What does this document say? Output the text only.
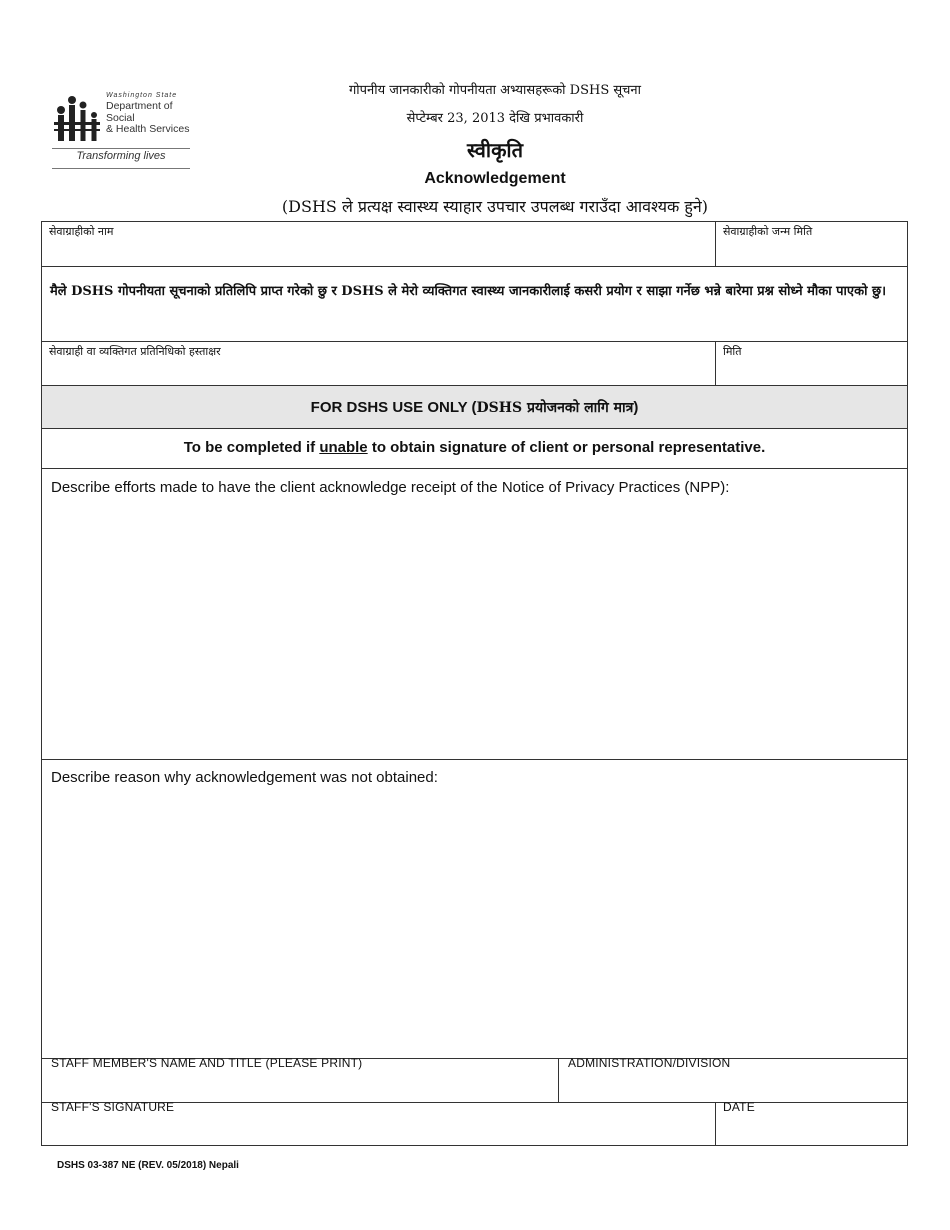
Washington State
Department of Social
& Health Services
Transforming lives
गोपनीय जानकारीको गोपनीयता अभ्यासहरूको DSHS सूचना
सेप्टेम्बर 23, 2013 देखि प्रभावकारी
स्वीकृति
Acknowledgement
(DSHS ले प्रत्यक्ष स्वास्थ्य स्याहार उपचार उपलब्ध गराउँदा आवश्यक हुने)
सेवाग्राहीको नाम	सेवाग्राहीको जन्म मिति
मैले DSHS गोपनीयता सूचनाको प्रतिलिपि प्राप्त गरेको छु र DSHS ले मेरो व्यक्तिगत स्वास्थ्य जानकारीलाई कसरी प्रयोग र साझा गर्नेछ भन्ने बारेमा प्रश्न सोध्ने मौका पाएको छु।
सेवाग्राही वा व्यक्तिगत प्रतिनिधिको हस्ताक्षर	मिति
FOR DSHS USE ONLY (DSHS प्रयोजनको लागि मात्र)
To be completed if unable to obtain signature of client or personal representative.
Describe efforts made to have the client acknowledge receipt of the Notice of Privacy Practices (NPP):
Describe reason why acknowledgement was not obtained:
STAFF MEMBER'S NAME AND TITLE (PLEASE PRINT)	ADMINISTRATION/DIVISION
STAFF'S SIGNATURE	DATE
DSHS 03-387 NE (REV. 05/2018) Nepali
